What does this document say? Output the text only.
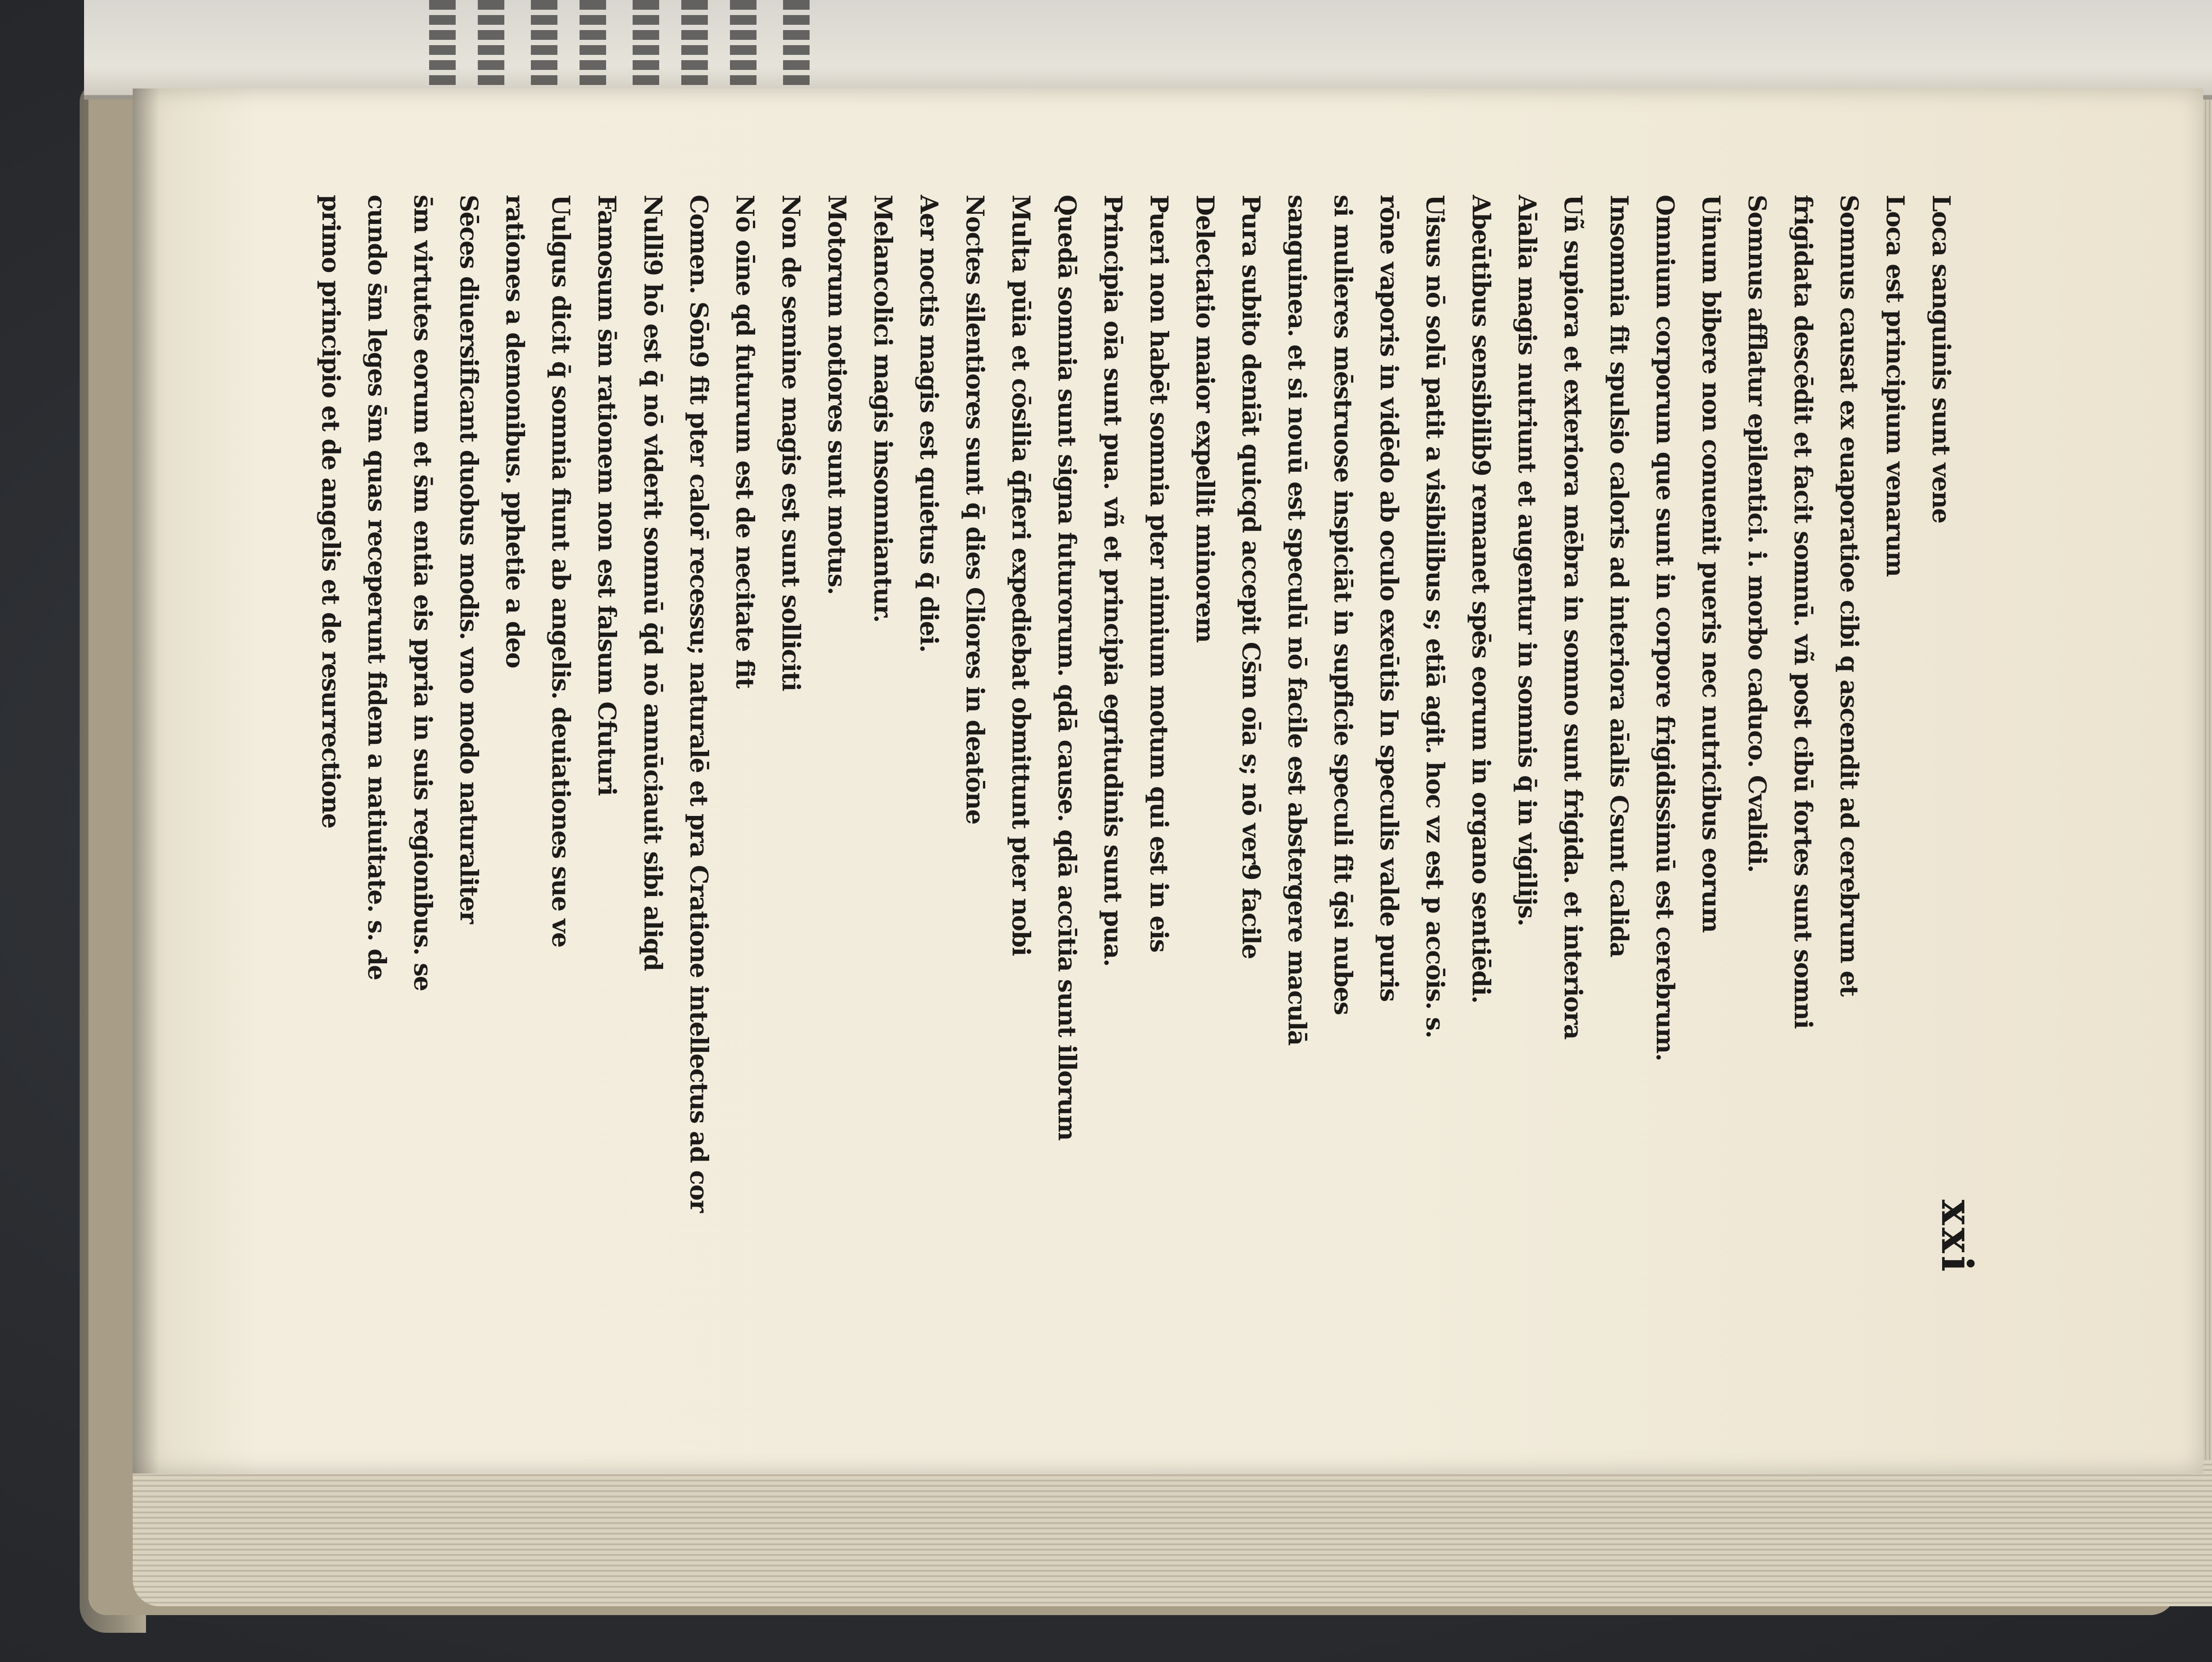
xxi
Loca sanguinis sunt vene
Loca est principium venarum
Somnus causat ex euaporatioe cibi q ascendit ad cerebrum et
frigidata descēdit et facit somnū. vñ post cibū fortes sunt somni
Somnus afflatur epilentici. i. morbo caduco. Cvalidi.
Uinum bibere non conuenit pueris nec nutricibus eorum
Omnium corporum que sunt in corpore frigidissimū est cerebrum.
Insomnia fit spulsio caloris ad interiora aīalis Csunt calida
Uñ supiora et exteriora mēbra in somno sunt frigida. et interiora
Aīalia magis nutriunt et augentur in somnis q̄ in vigilijs.
Abeūtibus sensibilib9 remanet spēs eorum in organo sentiēdi.
Uisus nō solū patit a visibilibus s; etiā agit. hoc vz est p accōis. s.
rōne vaporis in vidēdo ab oculo exeūtis In speculis valde puris
si mulieres mēstruose inspiciāt in supficie speculi fit q̄si nubes
sanguinea. et si nouū est speculū nō facile est abstergere maculā
Pura subito deniāt quicqd accepit Cs̄m oīa s; nō ver9 facile
Delectatio maior expellit minorem
Pueri non habēt somnia pter nimium motum qui est in eis
Principia oīa sunt pua. vñ et principia egritudinis sunt pua.
Quedā somnia sunt signa futurorum. qdā cause. qdā accītia sunt illorum
Multa pūia et cōsilia q̄fieri expediebat obmittunt pter nobi
Noctes silentiores sunt q̄ dies Cliores in deatōne
Aer noctis magis est quietus q̄ diei.
Melancolici magis insomniantur.
Motorum notiores sunt motus.
Non de semine magis est sunt solliciti
Nō oīne qd futurum est de necitate fit
Comen. Sōn9 fit pter calor̄ recessu; naturalē et pra Cratione intellectus ad cor
Nulli9 hō est q̄ nō viderit somnū q̄d nō annūciauit sibi aliqd
Famosum s̄m rationem non est falsum Cfuturi
Uulgus dicit q̄ somnia fiunt ab angelis. deuiationes sue ve
rationes a demonibus. pphetie a deo
Sēces diuersificant duobus modis. vno modo naturaliter
s̄m virtutes eorum et s̄m entia eis ppria in suis regionibus. se
cundo s̄m leges s̄m quas receperunt fidem a natiuitate. s. de
primo principio et de angelis et de resurrectione
